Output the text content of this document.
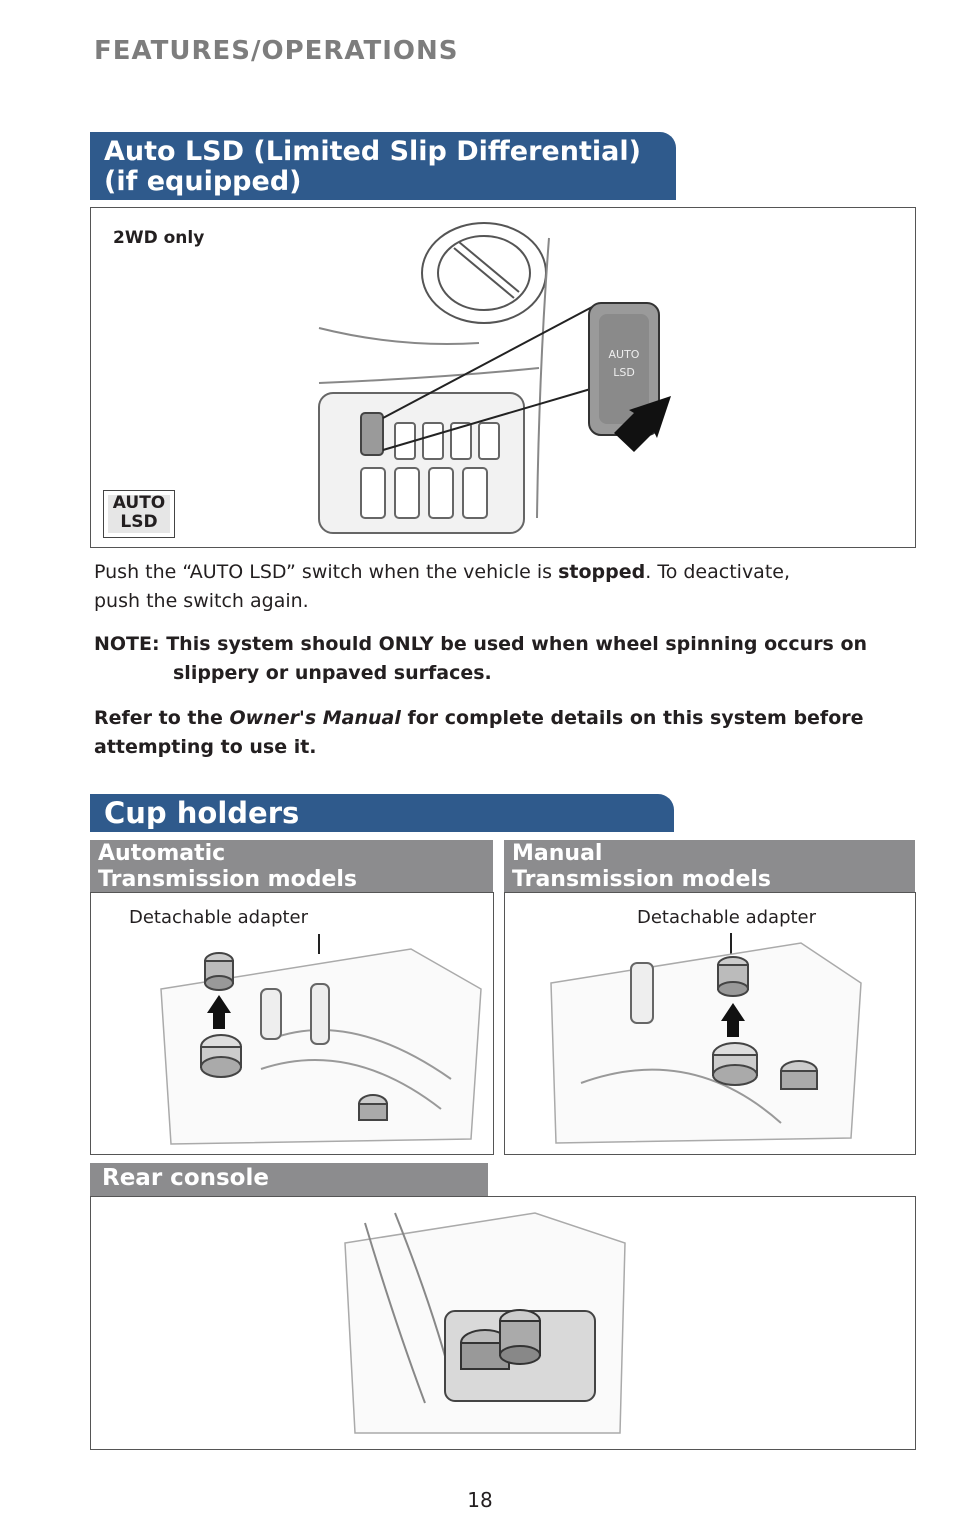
FEATURES/OPERATIONS
Auto LSD (Limited Slip Differential)
(if equipped)
2WD only
AUTO
LSD
AUTO
LSD
Push the “AUTO LSD” switch when the vehicle is stopped. To deactivate,
push the switch again.
NOTE: This system should ONLY be used when wheel spinning occurs on
slippery or unpaved surfaces.
Refer to the Owner's Manual for complete details on this system before
attempting to use it.
Cup holders
Automatic
Transmission models
Detachable adapter
Manual
Transmission models
Detachable adapter
Rear console
18
